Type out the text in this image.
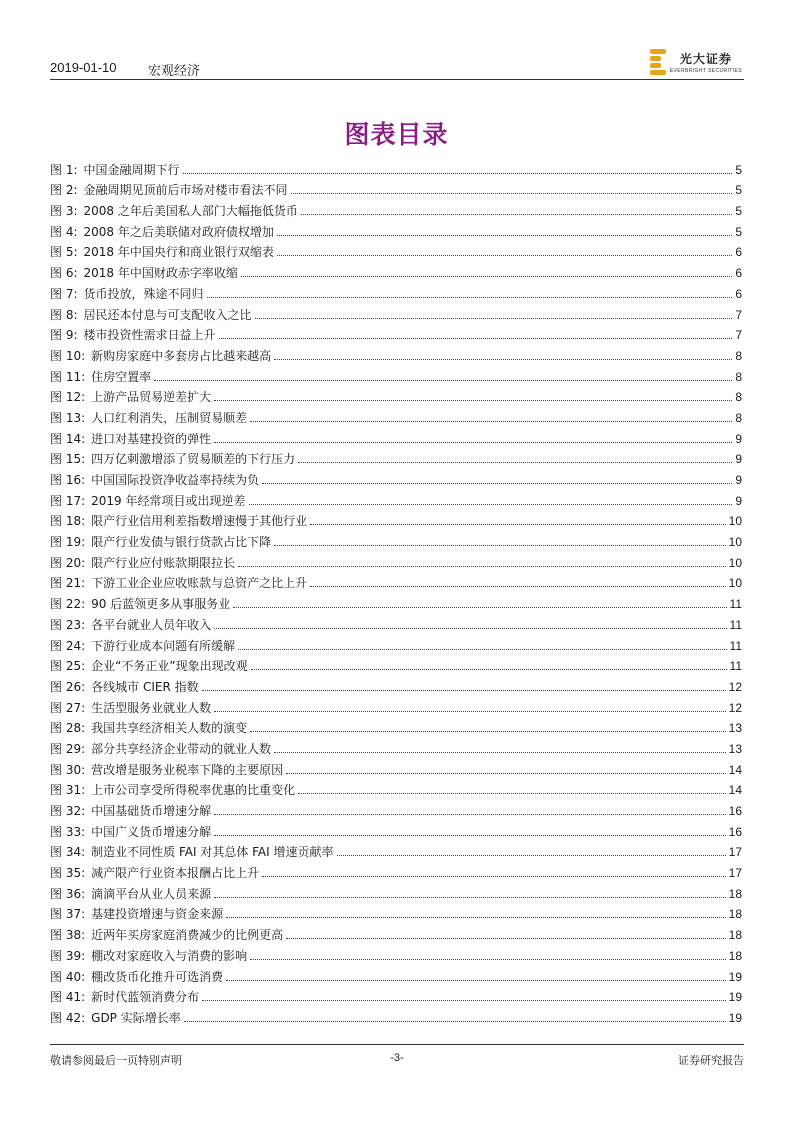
2019-01-10 宏观经济
光大证券
EVERBRIGHT SECURITIES
图表目录
图 1: 中国金融周期下行	5
图 2: 金融周期见顶前后市场对楼市看法不同	5
图 3: 2008 之年后美国私人部门大幅拖低货币	5
图 4: 2008 年之后美联储对政府债权增加	5
图 5: 2018 年中国央行和商业银行双缩表	6
图 6: 2018 年中国财政赤字率收缩	6
图 7: 货币投放，殊途不同归	6
图 8: 居民还本付息与可支配收入之比	7
图 9: 楼市投资性需求日益上升	7
图 10: 新购房家庭中多套房占比越来越高	8
图 11: 住房空置率	8
图 12: 上游产品贸易逆差扩大	8
图 13: 人口红利消失，压制贸易顺差	8
图 14: 进口对基建投资的弹性	9
图 15: 四万亿刺激增添了贸易顺差的下行压力	9
图 16: 中国国际投资净收益率持续为负	9
图 17: 2019 年经常项目或出现逆差	9
图 18: 限产行业信用利差指数增速慢于其他行业	10
图 19: 限产行业发债与银行贷款占比下降	10
图 20: 限产行业应付账款期限拉长	10
图 21: 下游工业企业应收账款与总资产之比上升	10
图 22: 90 后蓝领更多从事服务业	11
图 23: 各平台就业人员年收入	11
图 24: 下游行业成本问题有所缓解	11
图 25: 企业“不务正业”现象出现改观	11
图 26: 各线城市 CIER 指数	12
图 27: 生活型服务业就业人数	12
图 28: 我国共享经济相关人数的演变	13
图 29: 部分共享经济企业带动的就业人数	13
图 30: 营改增是服务业税率下降的主要原因	14
图 31: 上市公司享受所得税率优惠的比重变化	14
图 32: 中国基础货币增速分解	16
图 33: 中国广义货币增速分解	16
图 34: 制造业不同性质 FAI 对其总体 FAI 增速贡献率	17
图 35: 减产限产行业资本报酬占比上升	17
图 36: 滴滴平台从业人员来源	18
图 37: 基建投资增速与资金来源	18
图 38: 近两年买房家庭消费减少的比例更高	18
图 39: 棚改对家庭收入与消费的影响	18
图 40: 棚改货币化推升可选消费	19
图 41: 新时代蓝领消费分布	19
图 42: GDP 实际增长率	19
敬请参阅最后一页特别声明	-3-	证券研究报告
